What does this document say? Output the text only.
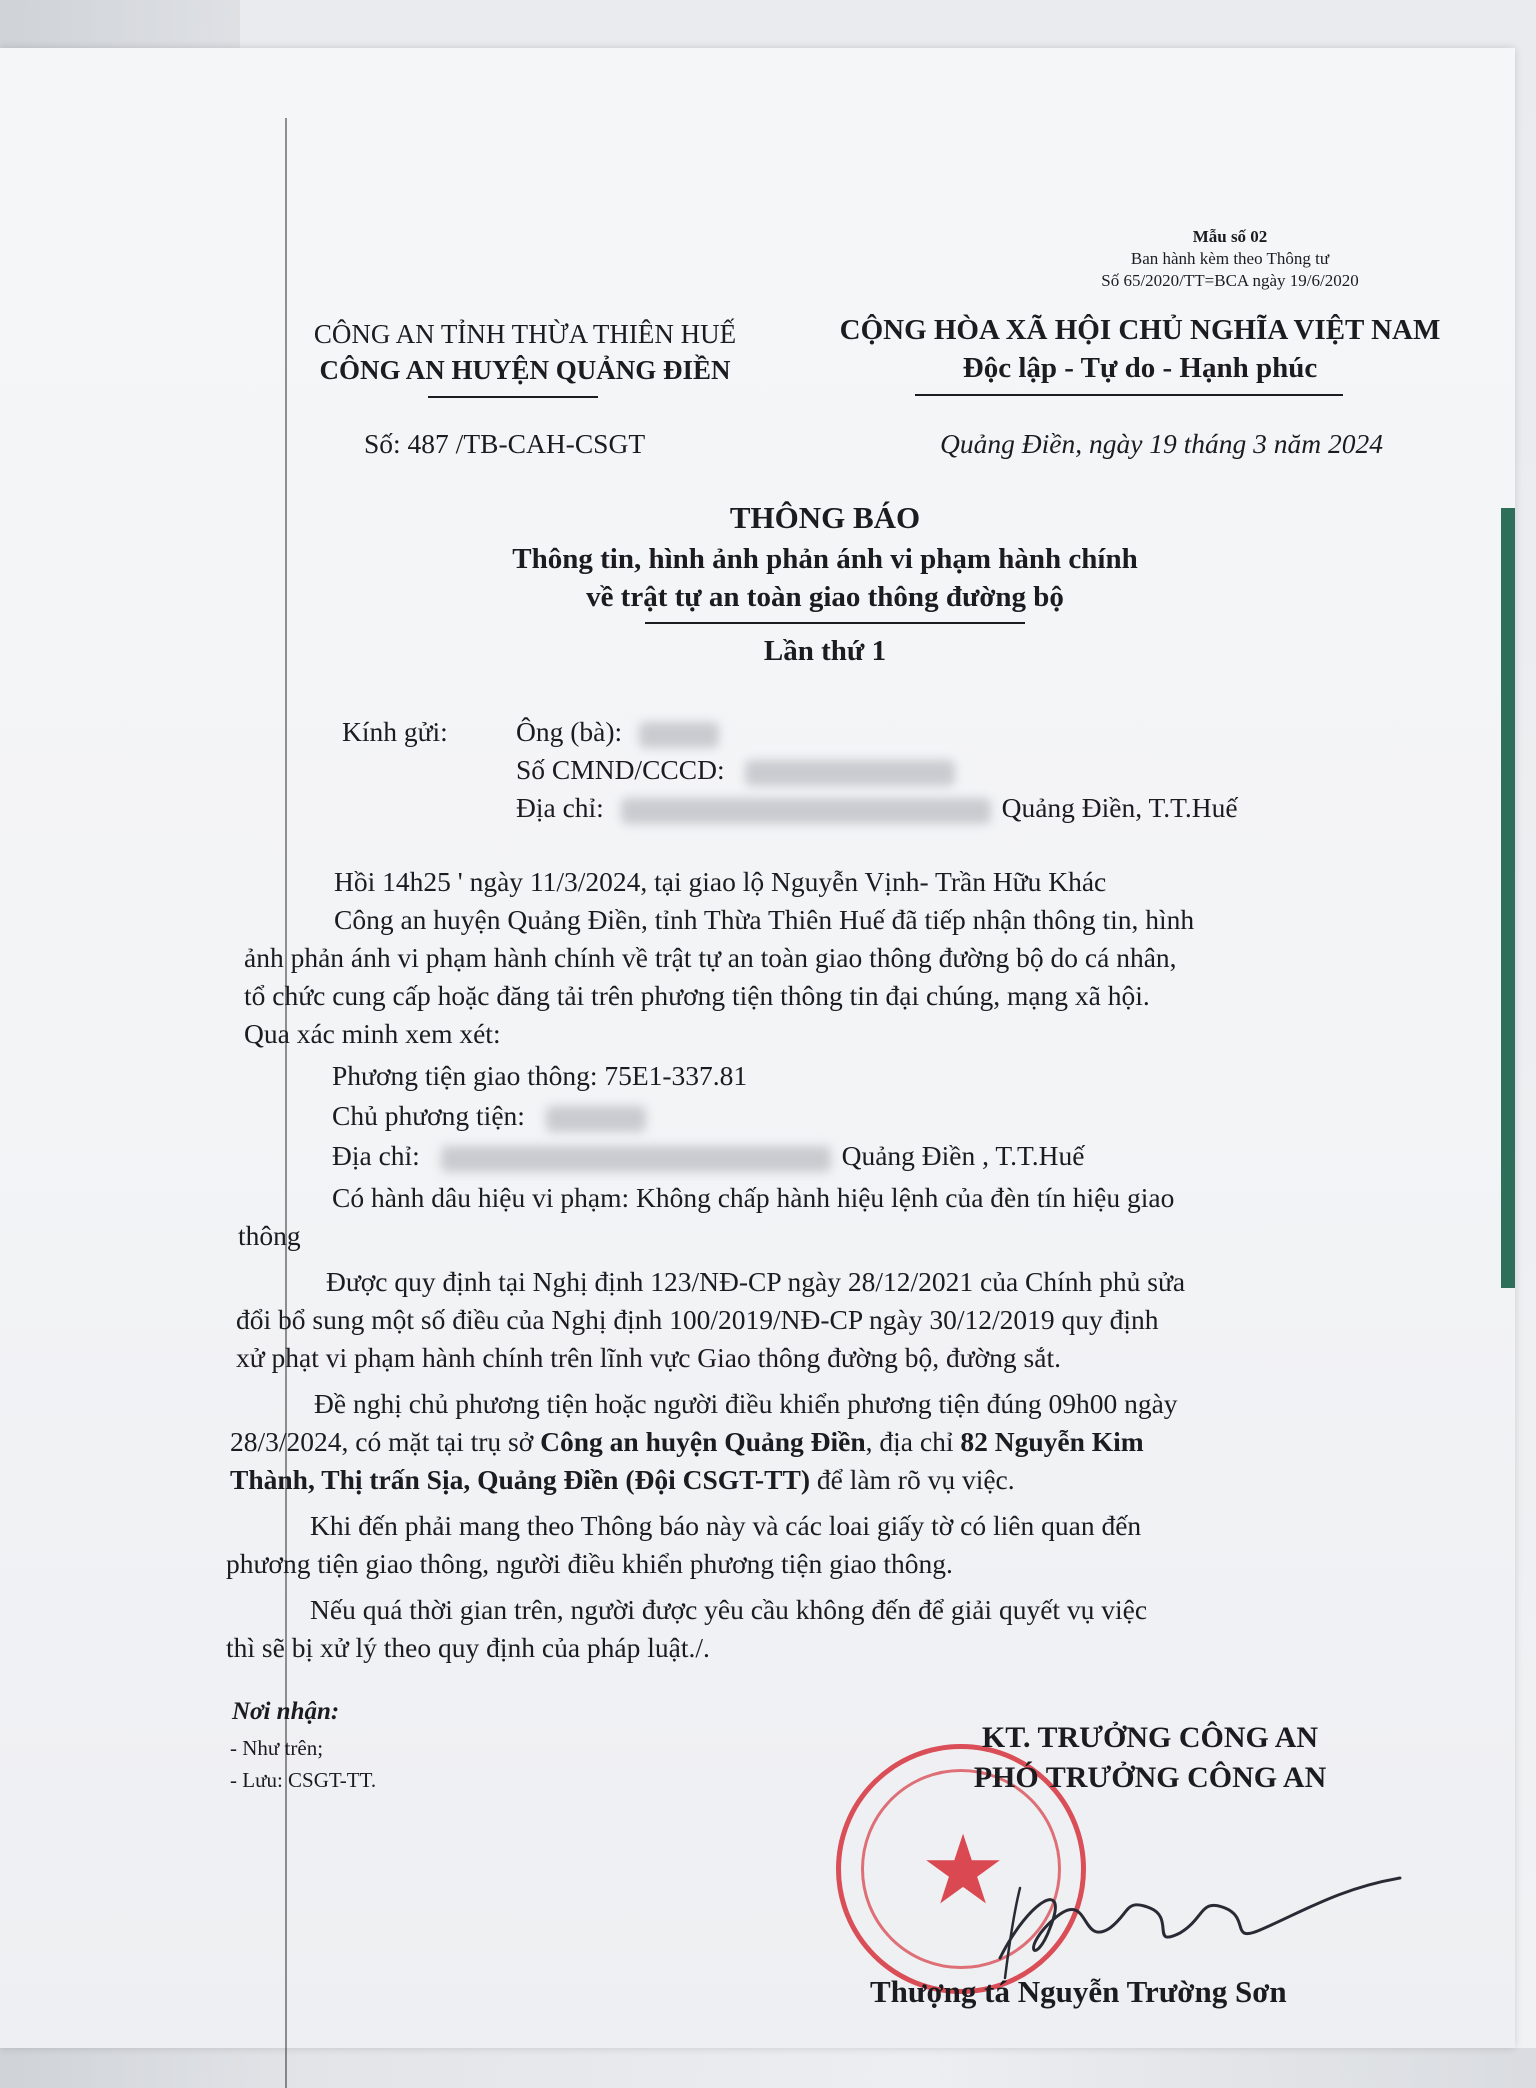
Mẫu số 02
Ban hành kèm theo Thông tư
Số 65/2020/TT=BCA ngày 19/6/2020
CÔNG AN TỈNH THỪA THIÊN HUẾ
CÔNG AN HUYỆN QUẢNG ĐIỀN
CỘNG HÒA XÃ HỘI CHỦ NGHĨA VIỆT NAM
Độc lập - Tự do - Hạnh phúc
Số: 487 /TB-CAH-CSGT	Quảng Điền, ngày 19 tháng 3 năm 2024
THÔNG BÁO
Thông tin, hình ảnh phản ánh vi phạm hành chính
về trật tự an toàn giao thông đường bộ
Lần thứ 1
Kính gửi: Ông (bà):
Số CMND/CCCD:
Địa chỉ:	Quảng Điền, T.T.Huế
Hồi 14h25 ' ngày 11/3/2024, tại giao lộ Nguyễn Vịnh- Trần Hữu Khác
Công an huyện Quảng Điền, tỉnh Thừa Thiên Huế đã tiếp nhận thông tin, hình
ảnh phản ánh vi phạm hành chính về trật tự an toàn giao thông đường bộ do cá nhân,
tổ chức cung cấp hoặc đăng tải trên phương tiện thông tin đại chúng, mạng xã hội.
Qua xác minh xem xét:
Phương tiện giao thông: 75E1-337.81
Chủ phương tiện:
Địa chỉ:	Quảng Điền , T.T.Huế
Có hành dâu hiệu vi phạm: Không chấp hành hiệu lệnh của đèn tín hiệu giao
thông
Được quy định tại Nghị định 123/NĐ-CP ngày 28/12/2021 của Chính phủ sửa
đổi bổ sung một số điều của Nghị định 100/2019/NĐ-CP ngày 30/12/2019 quy định
xử phạt vi phạm hành chính trên lĩnh vực Giao thông đường bộ, đường sắt.
Đề nghị chủ phương tiện hoặc người điều khiển phương tiện đúng 09h00 ngày
28/3/2024, có mặt tại trụ sở Công an huyện Quảng Điền, địa chỉ 82 Nguyễn Kim
Thành, Thị trấn Sịa, Quảng Điền (Đội CSGT-TT) để làm rõ vụ việc.
Khi đến phải mang theo Thông báo này và các loai giấy tờ có liên quan đến
phương tiện giao thông, người điều khiển phương tiện giao thông.
Nếu quá thời gian trên, người được yêu cầu không đến để giải quyết vụ việc
thì sẽ bị xử lý theo quy định của pháp luật./.
Nơi nhận:
- Như trên;
- Lưu: CSGT-TT.
★
KT. TRƯỞNG CÔNG AN
PHÓ TRƯỞNG CÔNG AN
Thượng tá Nguyễn Trường Sơn
